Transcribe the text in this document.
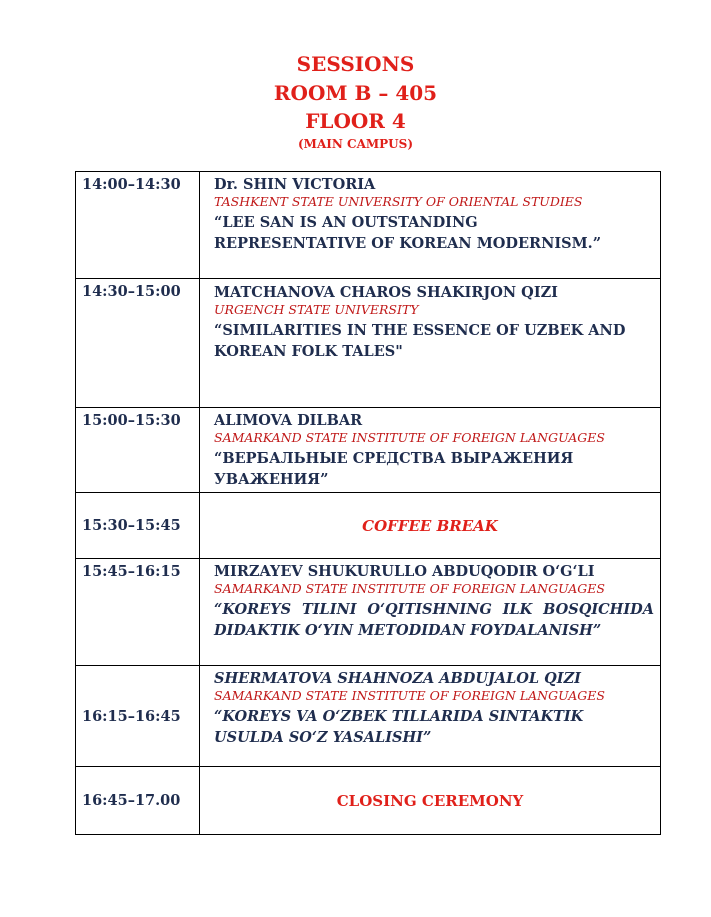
SESSIONS
ROOM B – 405
FLOOR 4
(MAIN CAMPUS)
14:00–14:30	Dr. SHIN VICTORIA
TASHKENT STATE UNIVERSITY OF ORIENTAL STUDIES
“LEE SAN IS AN OUTSTANDING REPRESENTATIVE OF KOREAN MODERNISM.”

14:30–15:00	MATCHANOVA CHAROS SHAKIRJON QIZI
URGENCH STATE UNIVERSITY
“SIMILARITIES IN THE ESSENCE OF UZBEK AND KOREAN FOLK TALES"

15:00–15:30	ALIMOVA DILBAR
SAMARKAND STATE INSTITUTE OF FOREIGN LANGUAGES
“ВЕРБАЛЬНЫЕ СРЕДСТВА ВЫРАЖЕНИЯ УВАЖЕНИЯ”

15:30–15:45	COFFEE BREAK
15:45–16:15	MIRZAYEV SHUKURULLO ABDUQODIR O‘G‘LI
SAMARKAND STATE INSTITUTE OF FOREIGN LANGUAGES
“KOREYS TILINI O‘QITISHNING ILK BOSQICHIDA DIDAKTIK O‘YIN METODIDAN FOYDALANISH”

16:15–16:45	SHERMATOVA SHAHNOZA ABDUJALOL QIZI
SAMARKAND STATE INSTITUTE OF FOREIGN LANGUAGES
“KOREYS VA O‘ZBEK TILLARIDA SINTAKTIK USULDA SO‘Z YASALISHI”

16:45–17.00	CLOSING CEREMONY
